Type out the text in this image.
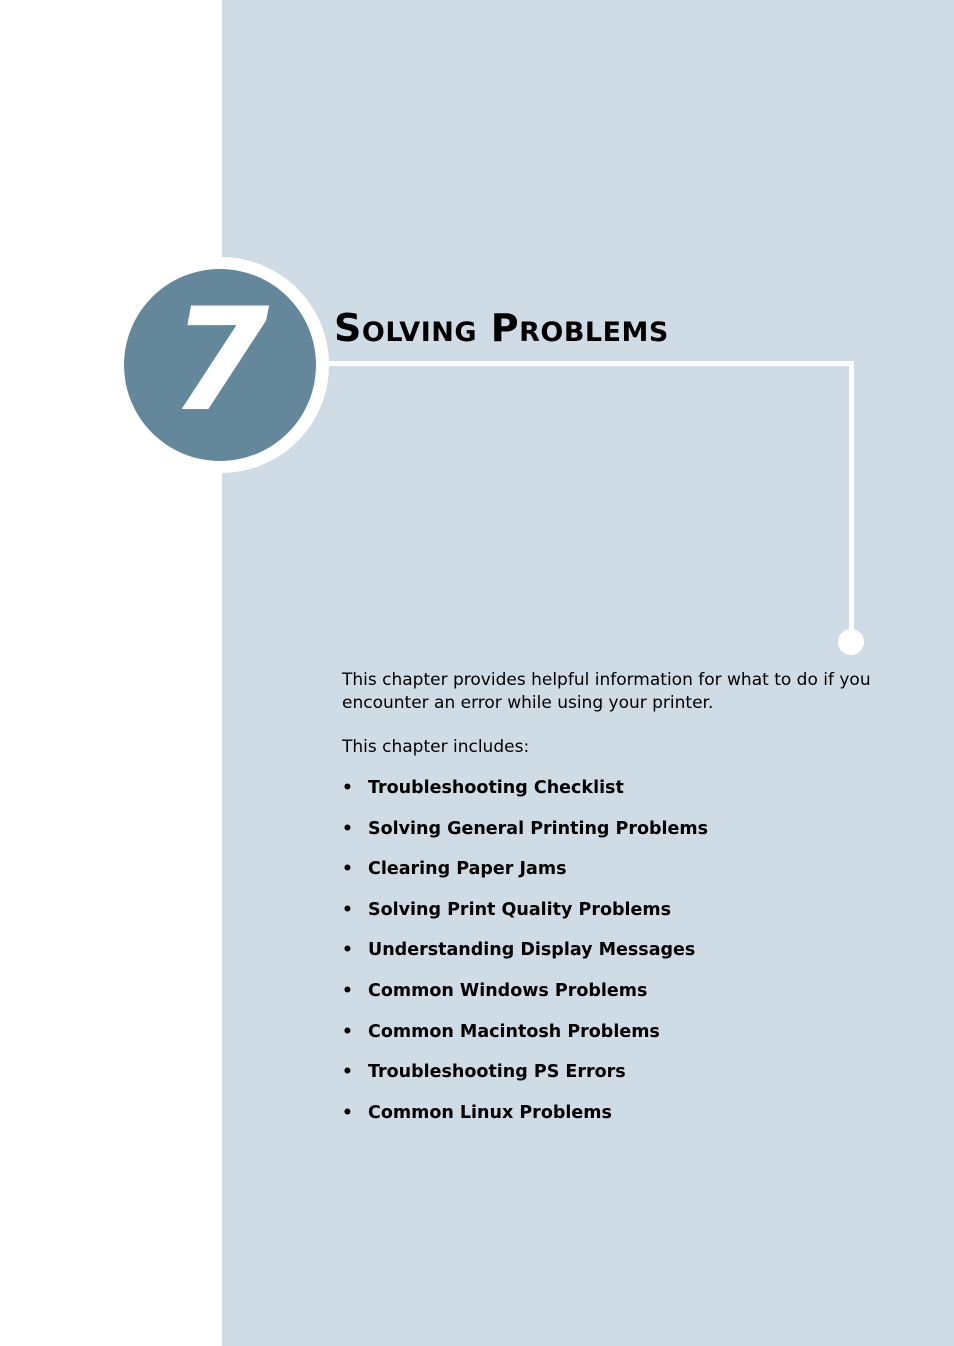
7	Solving Problems

This chapter provides helpful information for what to do if you encounter an error while using your printer.

This chapter includes:

• Troubleshooting Checklist
• Solving General Printing Problems
• Clearing Paper Jams
• Solving Print Quality Problems
• Understanding Display Messages
• Common Windows Problems
• Common Macintosh Problems
• Troubleshooting PS Errors
• Common Linux Problems
